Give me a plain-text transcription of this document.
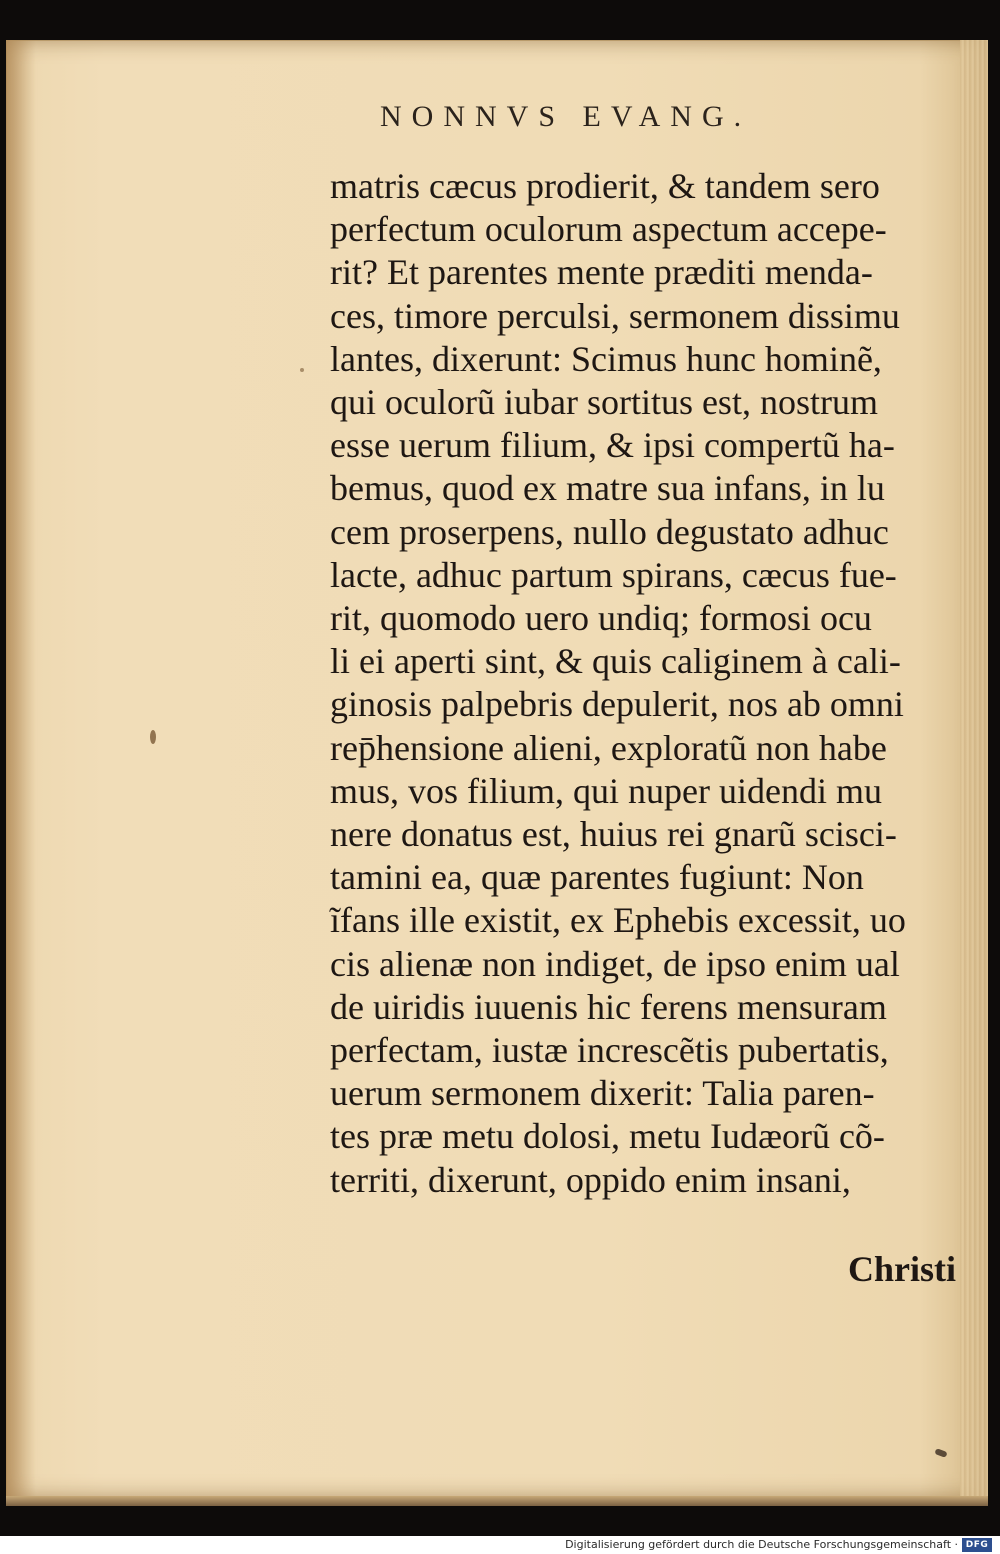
NONNVS EVANG.
matris cæcus prodierit, & tandem sero
perfectum oculorum aspectum accepe-
rit? Et parentes mente præditi menda-
ces, timore perculsi, sermonem dissimu
lantes, dixerunt: Scimus hunc hominẽ,
qui oculorũ iubar sortitus est, nostrum
esse uerum filium, & ipsi compertũ ha-
bemus, quod ex matre sua infans, in lu
cem proserpens, nullo degustato adhuc
lacte, adhuc partum spirans, cæcus fue-
rit, quomodo uero undiq; formosi ocu
li ei aperti sint, & quis caliginem à cali-
ginosis palpebris depulerit, nos ab omni
rep̄hensione alieni, exploratũ non habe
mus, vos filium, qui nuper uidendi mu
nere donatus est, huius rei gnarũ scisci-
tamini ea, quæ parentes fugiunt: Non
ĩfans ille existit, ex Ephebis excessit, uo
cis alienæ non indiget, de ipso enim ual
de uiridis iuuenis hic ferens mensuram
perfectam, iustæ increscẽtis pubertatis,
uerum sermonem dixerit: Talia paren-
tes præ metu dolosi, metu Iudæorũ cõ-
territi, dixerunt, oppido enim insani,
Christi
Digitalisierung gefördert durch die Deutsche Forschungsgemeinschaft · DFG
